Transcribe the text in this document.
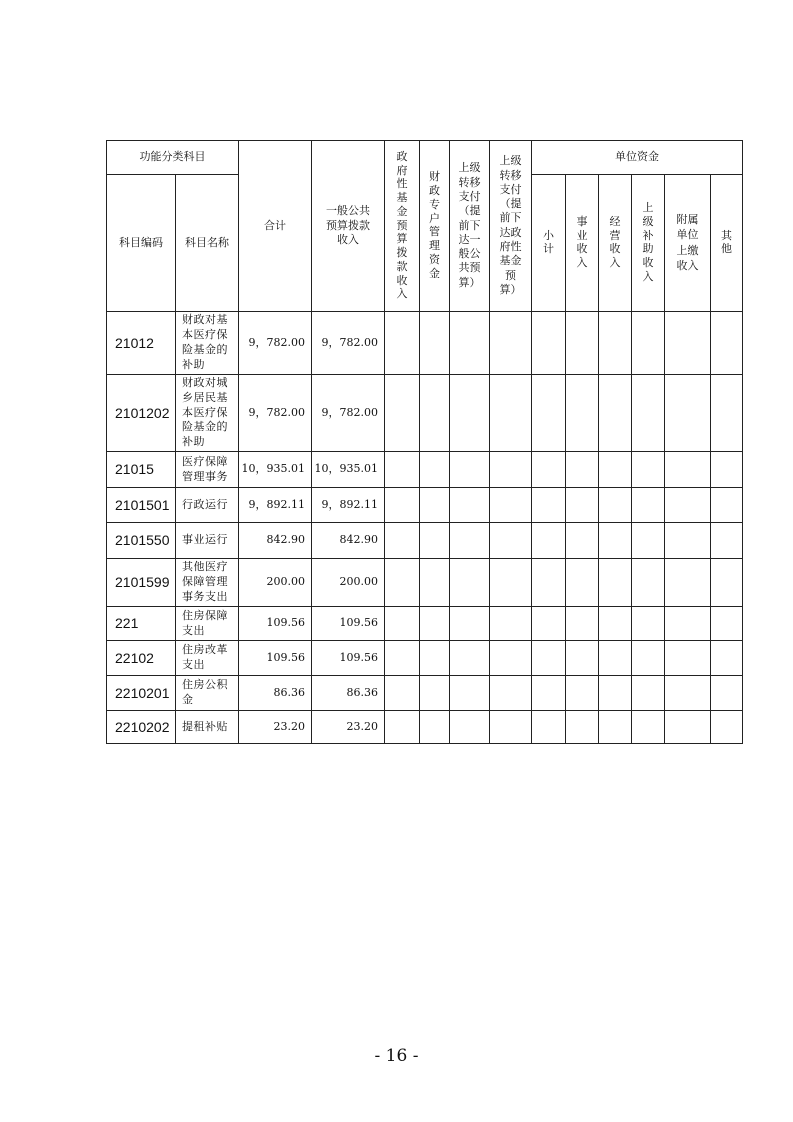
功能分类科目		合计	一般公共预算拨款收入	政府性基金预算拨款收入	财政专户管理资金	上级转移支付（提前下达一般公共预算）	上级转移支付（提前下达政府性基金预算）	单位资金					
科目编码	科目名称							小计	事业收入	经营收入	上级补助收入	附属单位上缴收入	其他
21012	财政对基本医疗保险基金的补助	9，782.00	9，782.00										
2101202	财政对城乡居民基本医疗保险基金的补助	9，782.00	9，782.00										
21015	医疗保障管理事务	10，935.01	10，935.01										
2101501	行政运行	9，892.11	9，892.11										
2101550	事业运行	842.90	842.90										
2101599	其他医疗保障管理事务支出	200.00	200.00										
221	住房保障支出	109.56	109.56										
22102	住房改革支出	109.56	109.56										
2210201	住房公积金	86.36	86.36										
2210202	提租补贴	23.20	23.20										
- 16 -
